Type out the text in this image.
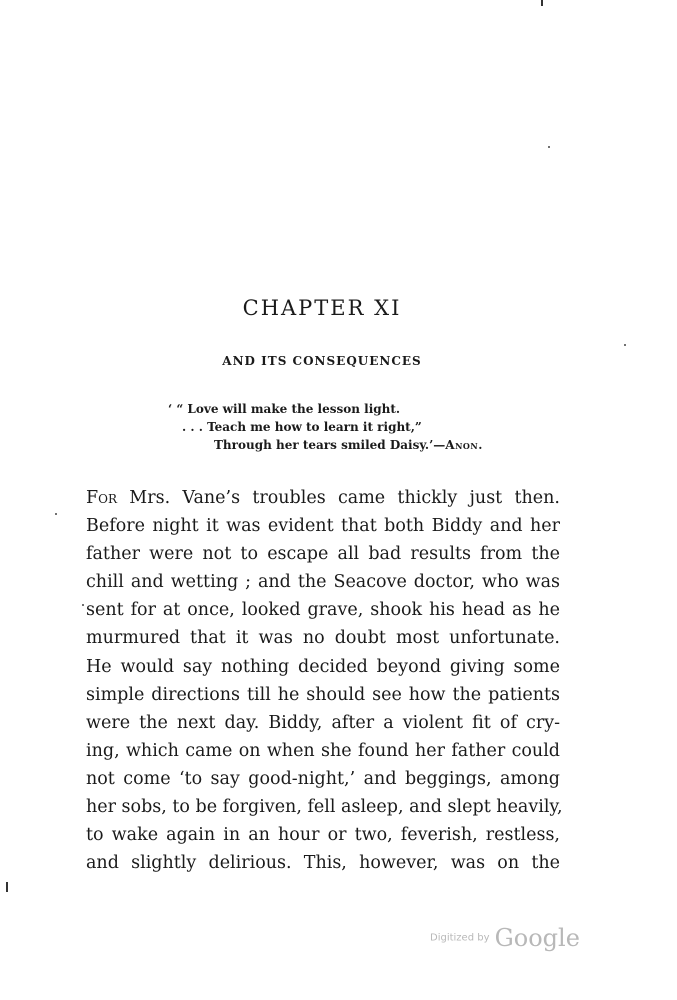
CHAPTER XI
AND ITS CONSEQUENCES
‘ “ Love will make the lesson light.
. . . Teach me how to learn it right,”
Through her tears smiled Daisy.’—Anon.
For Mrs. Vane’s troubles came thickly just then.
Before night it was evident that both Biddy and her
father were not to escape all bad results from the
chill and wetting ; and the Seacove doctor, who was
sent for at once, looked grave, shook his head as he
murmured that it was no doubt most unfortunate.
He would say nothing decided beyond giving some
simple directions till he should see how the patients
were the next day. Biddy, after a violent fit of cry-
ing, which came on when she found her father could
not come ‘to say good-night,’ and beggings, among
her sobs, to be forgiven, fell asleep, and slept heavily,
to wake again in an hour or two, feverish, restless,
and slightly delirious. This, however, was on the
Digitized by Google
